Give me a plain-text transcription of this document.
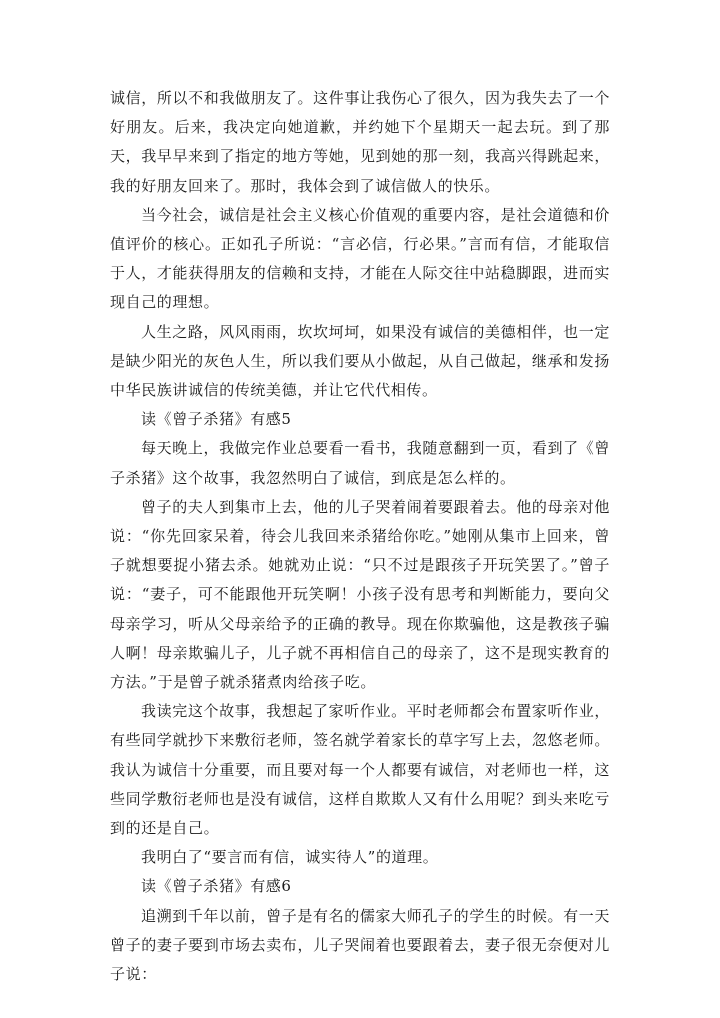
诚信，所以不和我做朋友了。这件事让我伤心了很久，因为我失去了一个好朋友。后来，我决定向她道歉，并约她下个星期天一起去玩。到了那天，我早早来到了指定的地方等她，见到她的那一刻，我高兴得跳起来，我的好朋友回来了。那时，我体会到了诚信做人的快乐。

当今社会，诚信是社会主义核心价值观的重要内容，是社会道德和价值评价的核心。正如孔子所说：“言必信，行必果。”言而有信，才能取信于人，才能获得朋友的信赖和支持，才能在人际交往中站稳脚跟，进而实现自己的理想。

人生之路，风风雨雨，坎坎坷坷，如果没有诚信的美德相伴，也一定是缺少阳光的灰色人生，所以我们要从小做起，从自己做起，继承和发扬中华民族讲诚信的传统美德，并让它代代相传。

读《曾子杀猪》有感5

每天晚上，我做完作业总要看一看书，我随意翻到一页，看到了《曾子杀猪》这个故事，我忽然明白了诚信，到底是怎么样的。

曾子的夫人到集市上去，他的儿子哭着闹着要跟着去。他的母亲对他说：“你先回家呆着，待会儿我回来杀猪给你吃。”她刚从集市上回来，曾子就想要捉小猪去杀。她就劝止说：“只不过是跟孩子开玩笑罢了。”曾子说：“妻子，可不能跟他开玩笑啊！小孩子没有思考和判断能力，要向父母亲学习，听从父母亲给予的正确的教导。现在你欺骗他，这是教孩子骗人啊！母亲欺骗儿子，儿子就不再相信自己的母亲了，这不是现实教育的方法。”于是曾子就杀猪煮肉给孩子吃。

我读完这个故事，我想起了家听作业。平时老师都会布置家听作业，有些同学就抄下来敷衍老师，签名就学着家长的草字写上去，忽悠老师。我认为诚信十分重要，而且要对每一个人都要有诚信，对老师也一样，这些同学敷衍老师也是没有诚信，这样自欺欺人又有什么用呢？到头来吃亏到的还是自己。

我明白了“要言而有信，诚实待人”的道理。

读《曾子杀猪》有感6

追溯到千年以前，曾子是有名的儒家大师孔子的学生的时候。有一天曾子的妻子要到市场去卖布，儿子哭闹着也要跟着去，妻子很无奈便对儿子说：
